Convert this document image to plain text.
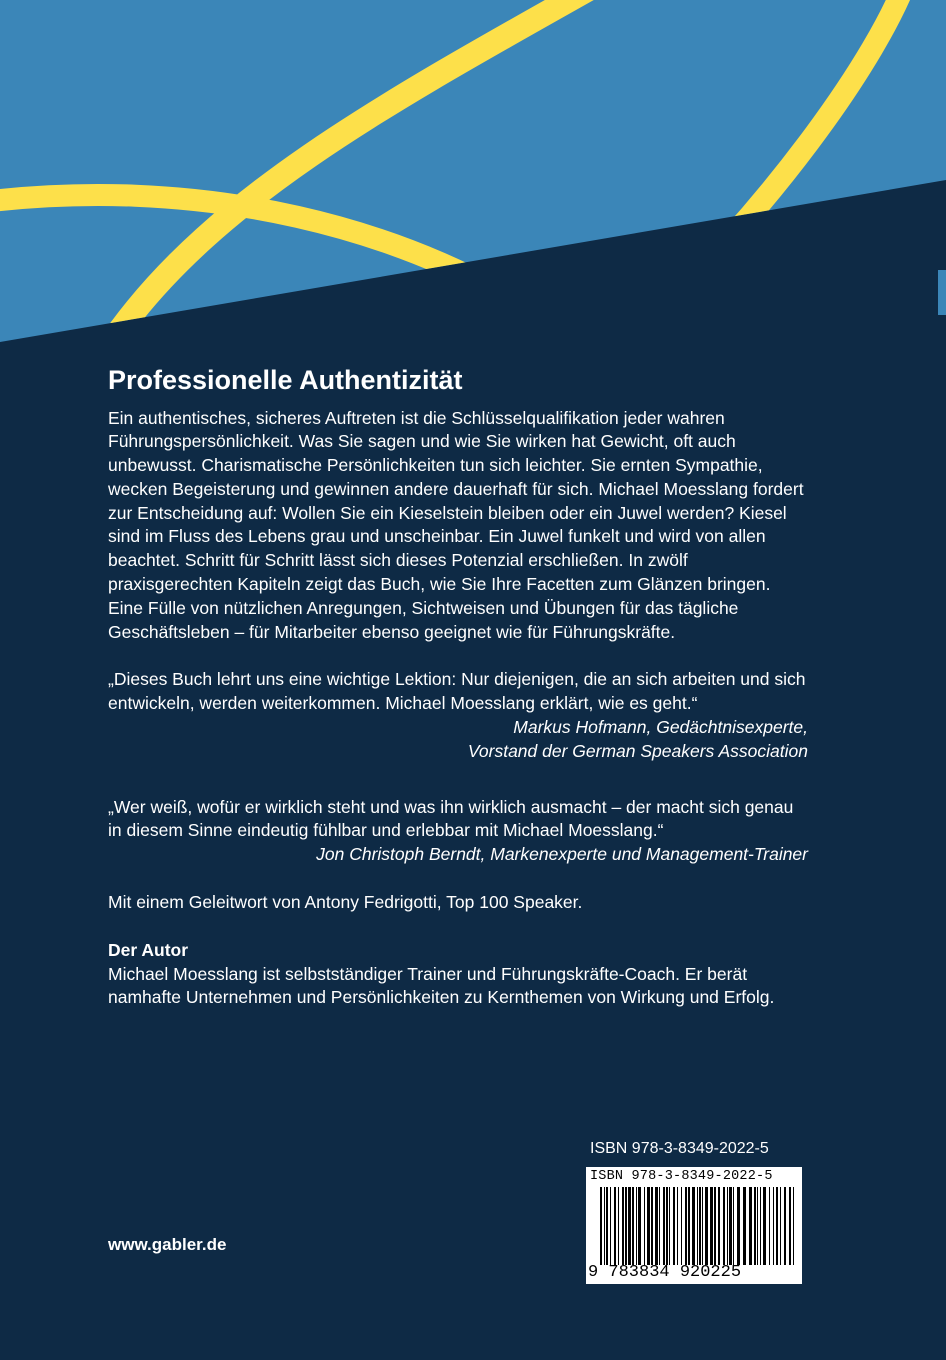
Professionelle Authentizität

Ein authentisches, sicheres Auftreten ist die Schlüsselqualifikation jeder wahren Führungspersönlichkeit. Was Sie sagen und wie Sie wirken hat Gewicht, oft auch unbewusst. Charismatische Persönlichkeiten tun sich leichter. Sie ernten Sympathie, wecken Begeisterung und gewinnen andere dauerhaft für sich. Michael Moesslang fordert zur Entscheidung auf: Wollen Sie ein Kieselstein bleiben oder ein Juwel werden? Kiesel sind im Fluss des Lebens grau und unscheinbar. Ein Juwel funkelt und wird von allen beachtet. Schritt für Schritt lässt sich dieses Potenzial erschließen. In zwölf praxisgerechten Kapiteln zeigt das Buch, wie Sie Ihre Facetten zum Glänzen bringen. Eine Fülle von nützlichen Anregungen, Sichtweisen und Übungen für das tägliche Geschäftsleben – für Mitarbeiter ebenso geeignet wie für Führungskräfte.

„Dieses Buch lehrt uns eine wichtige Lektion: Nur diejenigen, die an sich arbeiten und sich entwickeln, werden weiterkommen. Michael Moesslang erklärt, wie es geht.“

Markus Hofmann, Gedächtnisexperte,

Vorstand der German Speakers Association

„Wer weiß, wofür er wirklich steht und was ihn wirklich ausmacht – der macht sich genau in diesem Sinne eindeutig fühlbar und erlebbar mit Michael Moesslang.“

Jon Christoph Berndt, Markenexperte und Management-Trainer

Mit einem Geleitwort von Antony Fedrigotti, Top 100 Speaker.

Der Autor

Michael Moesslang ist selbstständiger Trainer und Führungskräfte-Coach. Er berät namhafte Unternehmen und Persönlichkeiten zu Kernthemen von Wirkung und Erfolg.

ISBN 978-3-8349-2022-5
ISBN 978-3-8349-2022-5
9 783834 920225
www.gabler.de
